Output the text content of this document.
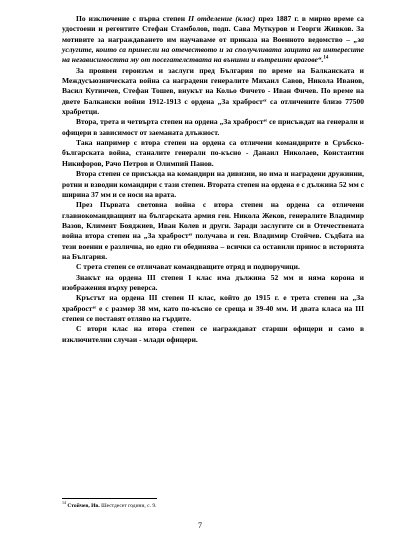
По изключение с първа степен II отделение (клас) през 1887 г. в мирно време са удостоени и регентите Стефан Стамболов, подп. Сава Муткуров и Георги Живков. За мотивите за награждаването им научаваме от приказа на Военното ведомство – „за услугите, които са принесли на отечеството и за сполучливата защита на интересите на независимостта му от посегателствата на външни и вътрешни врагове“.$^{14}$

За проявен героизъм и заслуги пред България по време на Балканската и Междусъюзническата война са наградени генералите Михаил Савов, Никола Иванов, Васил Кутинчев, Стефан Тошев, внукът на Кольо Фичето - Иван Фичев. По време на двете Балкански войни 1912-1913 с ордена „За храброст“ са отличените близо 77500 храбретци.

Втора, трета и четвърта степен на ордена „За храброст“ се присъждат на генерали и офицери в зависимост от заеманата длъжност.

Така например с втора степен на ордена са отличени командирите в Сръбско-българската война, станалите генерали по-късно - Данаил Николаев, Константин Никифоров, Рачо Петров и Олимпий Панов.

Втора степен се присъжда на командири на дивизии, но има и наградени дружинни, ротни и взводни командири с тази степен. Втората степен на ордена е с дължина 52 мм с ширина 37 мм и се носи на врата.

През Първата световна война с втора степен на ордена са отличени главнокомандващият на българската армия ген. Никола Жеков, генералите Владимир Вазов, Климент Бояджиев, Иван Колев и други. Заради заслугите си в Отечествената война втора степен на „За храброст“ получава и ген. Владимир Стойчев. Съдбата на тези военни е различна, но едно ги обединява – всички са оставили принос в историята на България.

С трета степен се отличават командващите отряд и подпоручици.

Знакът на ордена III степен I клас има дължина 52 мм и няма корона и изображения върху реверса.

Кръстът на ордена III степен II клас, който до 1915 г. е трета степен на „За храброст“ е с размер 38 мм, като по-късно се среща и 39-40 мм. И двата класа на III степен се поставят отляво на гърдите.

С втори клас на втора степен се награждават старши офицери и само в изключителни случаи - млади офицери.

$^{14}$ Стойчев, Ив. Шестдесет години, с. 9.
7
